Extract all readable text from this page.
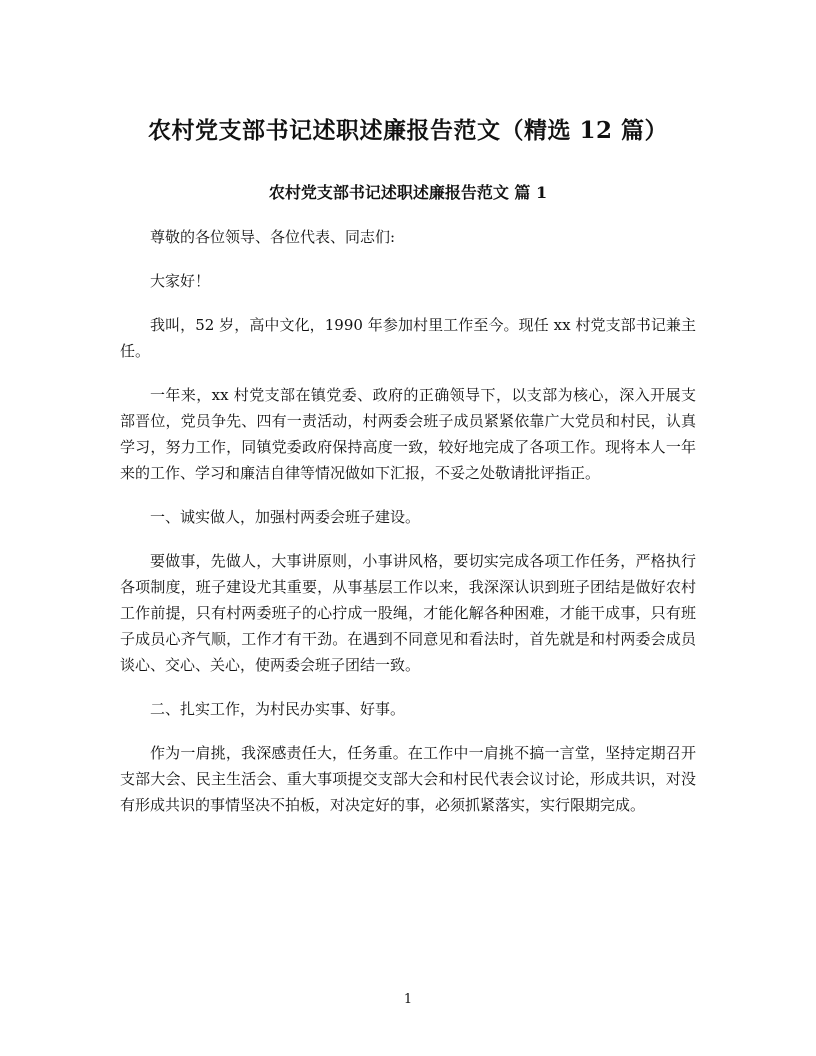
农村党支部书记述职述廉报告范文（精选 12 篇）
农村党支部书记述职述廉报告范文 篇 1

尊敬的各位领导、各位代表、同志们:

大家好！

我叫，52 岁，高中文化，1990 年参加村里工作至今。现任 xx 村党支部书记兼主任。

一年来，xx 村党支部在镇党委、政府的正确领导下，以支部为核心，深入开展支部晋位，党员争先、四有一责活动，村两委会班子成员紧紧依靠广大党员和村民，认真学习，努力工作，同镇党委政府保持高度一致，较好地完成了各项工作。现将本人一年来的工作、学习和廉洁自律等情况做如下汇报，不妥之处敬请批评指正。

一、诚实做人，加强村两委会班子建设。

要做事，先做人，大事讲原则，小事讲风格，要切实完成各项工作任务，严格执行各项制度，班子建设尤其重要，从事基层工作以来，我深深认识到班子团结是做好农村工作前提，只有村两委班子的心拧成一股绳，才能化解各种困难，才能干成事，只有班子成员心齐气顺，工作才有干劲。在遇到不同意见和看法时，首先就是和村两委会成员谈心、交心、关心，使两委会班子团结一致。

二、扎实工作，为村民办实事、好事。

作为一肩挑，我深感责任大，任务重。在工作中一肩挑不搞一言堂，坚持定期召开支部大会、民主生活会、重大事项提交支部大会和村民代表会议讨论，形成共识，对没有形成共识的事情坚决不拍板，对决定好的事，必须抓紧落实，实行限期完成。

1
